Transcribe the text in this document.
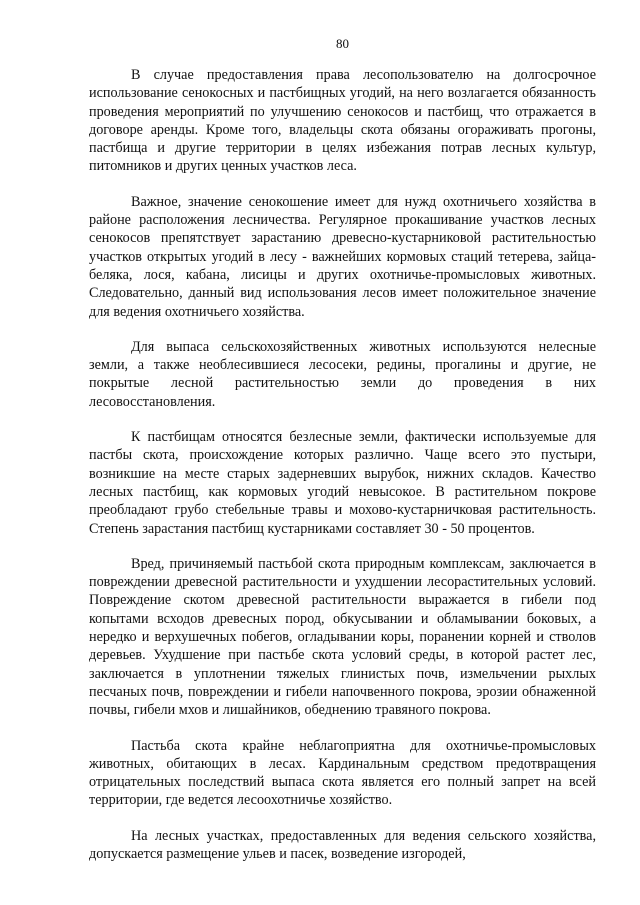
80

В случае предоставления права лесопользователю на долгосрочное использование сенокосных и пастбищных угодий, на него возлагается обязанность проведения мероприятий по улучшению сенокосов и пастбищ, что отражается в договоре аренды. Кроме того, владельцы скота обязаны огораживать прогоны, пастбища и другие территории в целях избежания потрав лесных культур, питомников и других ценных участков леса.

Важное, значение сенокошение имеет для нужд охотничьего хозяйства в районе расположения лесничества. Регулярное прокашивание участков лесных сенокосов препятствует зарастанию древесно-кустарниковой растительностью участков открытых угодий в лесу - важнейших кормовых стаций тетерева, зайца-беляка, лося, кабана, лисицы и других охотничье-промысловых животных. Следовательно, данный вид использования лесов имеет положительное значение для ведения охотничьего хозяйства.

Для выпаса сельскохозяйственных животных используются нелесные земли, а также необлесившиеся лесосеки, редины, прогалины и другие, не покрытые лесной растительностью земли до проведения в них лесовосстановления.

К пастбищам относятся безлесные земли, фактически используемые для пастбы скота, происхождение которых различно. Чаще всего это пустыри, возникшие на месте старых задерневших вырубок, нижних складов. Качество лесных пастбищ, как кормовых угодий невысокое. В растительном покрове преобладают грубо стебельные травы и мохово-кустарничковая растительность. Степень зарастания пастбищ кустарниками составляет 30 - 50 процентов.

Вред, причиняемый пастьбой скота природным комплексам, заключается в повреждении древесной растительности и ухудшении лесорастительных условий. Повреждение скотом древесной растительности выражается в гибели под копытами всходов древесных пород, обкусывании и обламывании боковых, а нередко и верхушечных побегов, огладывании коры, поранении корней и стволов деревьев. Ухудшение при пастьбе скота условий среды, в которой растет лес, заключается в уплотнении тяжелых глинистых почв, измельчении рыхлых песчаных почв, повреждении и гибели напочвенного покрова, эрозии обнаженной почвы, гибели мхов и лишайников, обеднению травяного покрова.

Пастьба скота крайне неблагоприятна для охотничье-промысловых животных, обитающих в лесах. Кардинальным средством предотвращения отрицательных последствий выпаса скота является его полный запрет на всей территории, где ведется лесоохотничье хозяйство.

На лесных участках, предоставленных для ведения сельского хозяйства, допускается размещение ульев и пасек, возведение изгородей,
